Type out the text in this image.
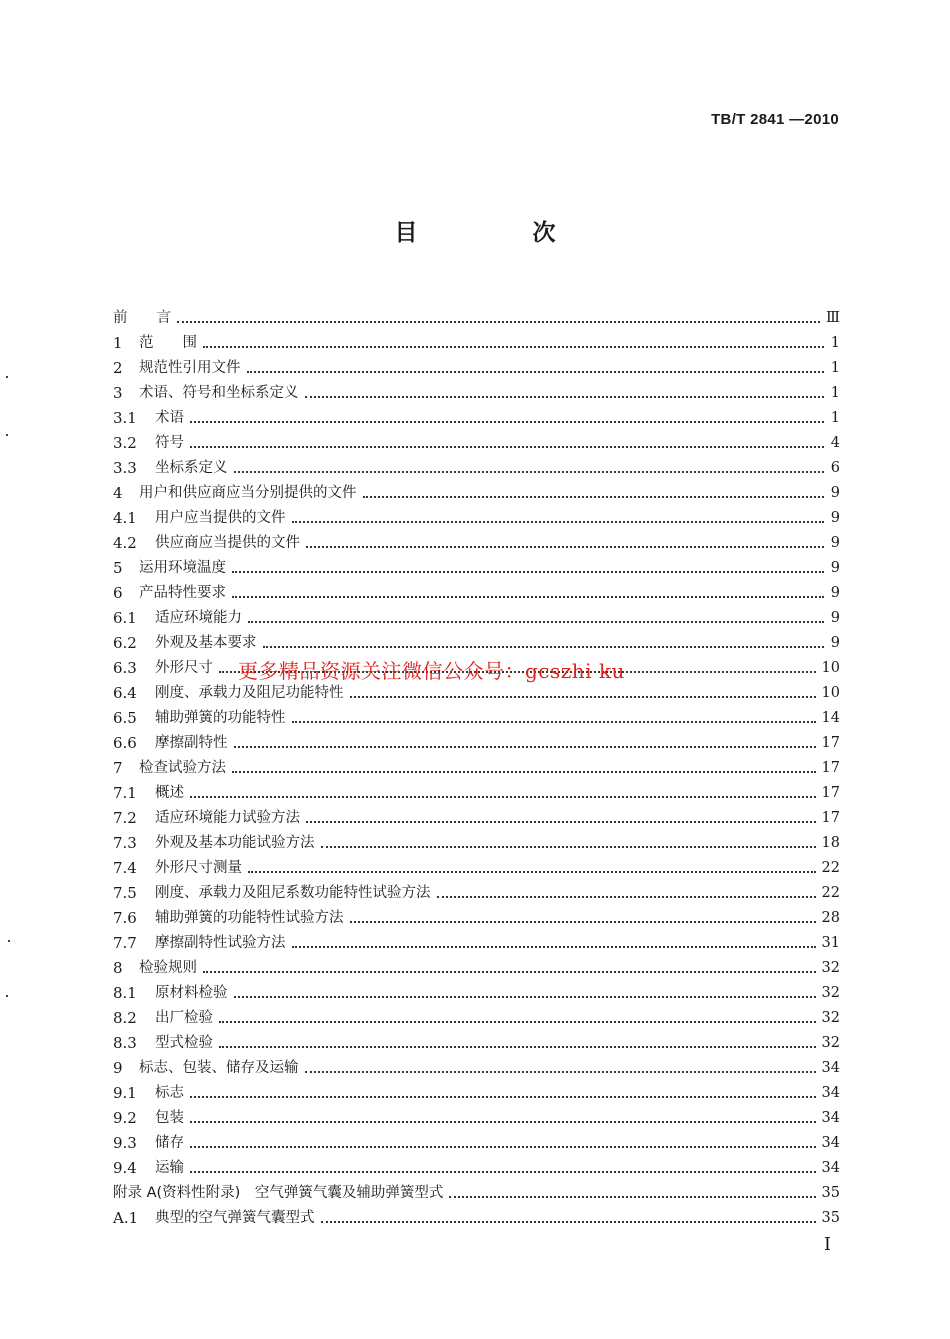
TB/T 2841 —2010
目　次
前　　言	Ⅲ
1	范　　围	1
2	规范性引用文件	1
3	术语、符号和坐标系定义	1
3.1	术语	1
3.2	符号	4
3.3	坐标系定义	6
4	用户和供应商应当分别提供的文件	9
4.1	用户应当提供的文件	9
4.2	供应商应当提供的文件	9
5	运用环境温度	9
6	产品特性要求	9
6.1	适应环境能力	9
6.2	外观及基本要求	9
6.3	外形尺寸	10
6.4	刚度、承载力及阻尼功能特性	10
6.5	辅助弹簧的功能特性	14
6.6	摩擦副特性	17
7	检查试验方法	17
7.1	概述	17
7.2	适应环境能力试验方法	17
7.3	外观及基本功能试验方法	18
7.4	外形尺寸测量	22
7.5	刚度、承载力及阻尼系数功能特性试验方法	22
7.6	辅助弹簧的功能特性试验方法	28
7.7	摩擦副特性试验方法	31
8	检验规则	32
8.1	原材料检验	32
8.2	出厂检验	32
8.3	型式检验	32
9	标志、包装、储存及运输	34
9.1	标志	34
9.2	包装	34
9.3	储存	34
9.4	运输	34
附录 A(资料性附录)　空气弹簧气囊及辅助弹簧型式	35
A.1	典型的空气弹簧气囊型式	35
更多精品资源关注微信公众号：gcszhi ku
I
